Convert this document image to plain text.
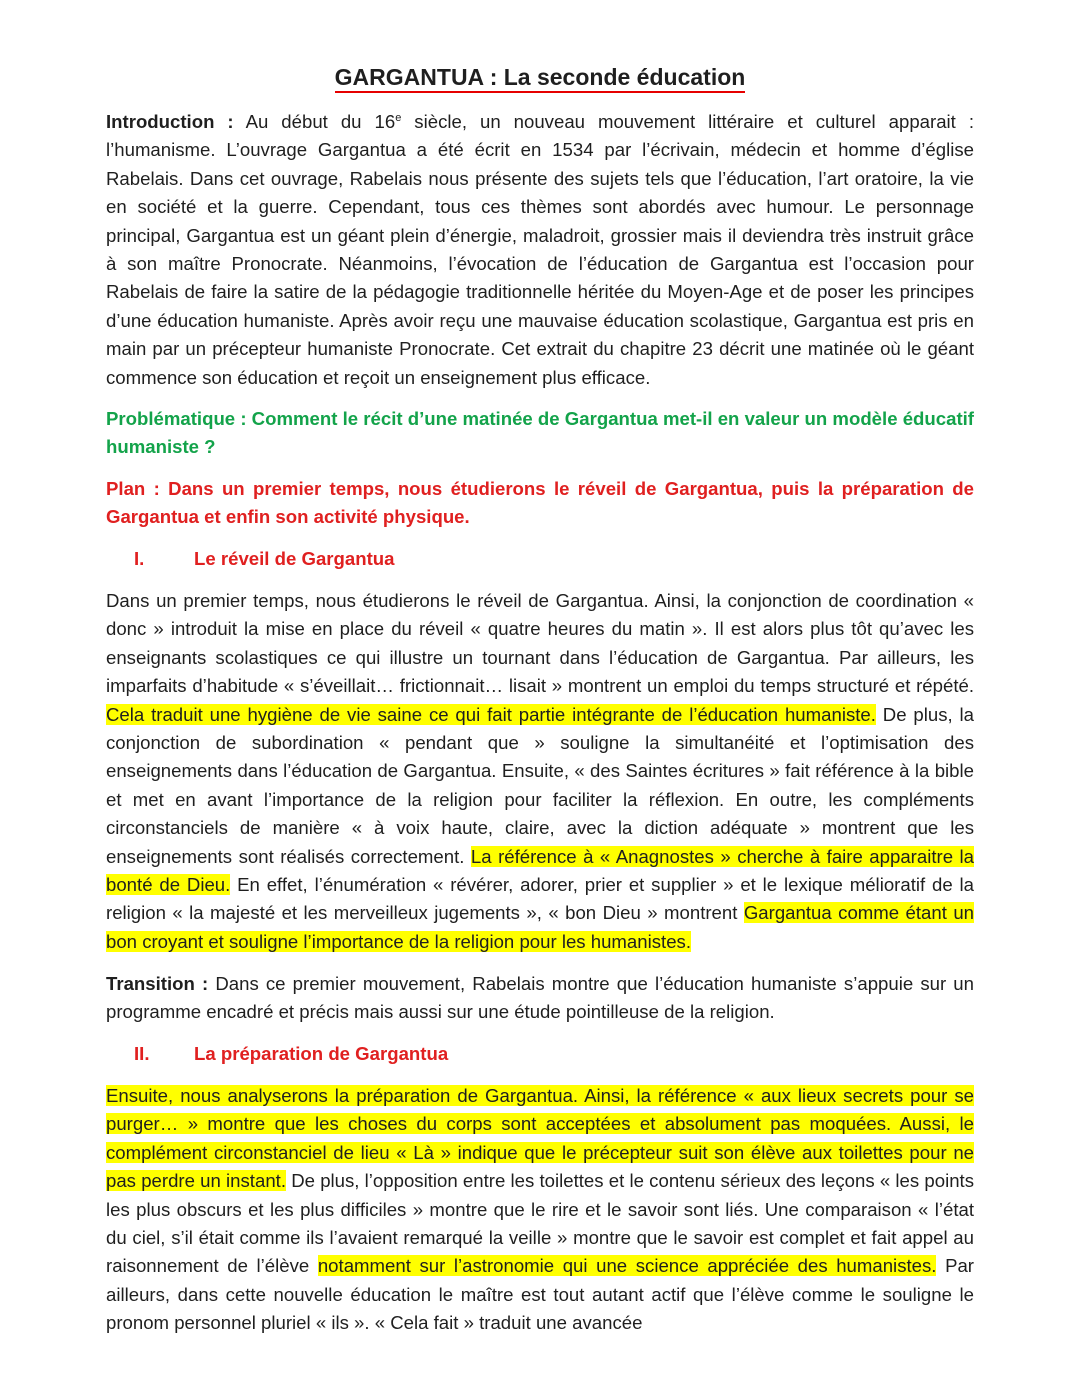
GARGANTUA : La seconde éducation

Introduction : Au début du 16e siècle, un nouveau mouvement littéraire et culturel apparait : l’humanisme. L’ouvrage Gargantua a été écrit en 1534 par l’écrivain, médecin et homme d’église Rabelais. Dans cet ouvrage, Rabelais nous présente des sujets tels que l’éducation, l’art oratoire, la vie en société et la guerre. Cependant, tous ces thèmes sont abordés avec humour. Le personnage principal, Gargantua est un géant plein d’énergie, maladroit, grossier mais il deviendra très instruit grâce à son maître Pronocrate. Néanmoins, l’évocation de l’éducation de Gargantua est l’occasion pour Rabelais de faire la satire de la pédagogie traditionnelle héritée du Moyen-Age et de poser les principes d’une éducation humaniste. Après avoir reçu une mauvaise éducation scolastique, Gargantua est pris en main par un précepteur humaniste Pronocrate. Cet extrait du chapitre 23 décrit une matinée où le géant commence son éducation et reçoit un enseignement plus efficace.

Problématique : Comment le récit d’une matinée de Gargantua met-il en valeur un modèle éducatif humaniste ?

Plan : Dans un premier temps, nous étudierons le réveil de Gargantua, puis la préparation de Gargantua et enfin son activité physique.

I.	Le réveil de Gargantua

Dans un premier temps, nous étudierons le réveil de Gargantua. Ainsi, la conjonction de coordination « donc » introduit la mise en place du réveil « quatre heures du matin ». Il est alors plus tôt qu’avec les enseignants scolastiques ce qui illustre un tournant dans l’éducation de Gargantua. Par ailleurs, les imparfaits d’habitude « s’éveillait… frictionnait… lisait » montrent un emploi du temps structuré et répété. Cela traduit une hygiène de vie saine ce qui fait partie intégrante de l’éducation humaniste. De plus, la conjonction de subordination « pendant que » souligne la simultanéité et l’optimisation des enseignements dans l’éducation de Gargantua. Ensuite, « des Saintes écritures » fait référence à la bible et met en avant l’importance de la religion pour faciliter la réflexion. En outre, les compléments circonstanciels de manière « à voix haute, claire, avec la diction adéquate » montrent que les enseignements sont réalisés correctement. La référence à « Anagnostes » cherche à faire apparaitre la bonté de Dieu. En effet, l’énumération « révérer, adorer, prier et supplier » et le lexique mélioratif de la religion « la majesté et les merveilleux jugements », « bon Dieu » montrent Gargantua comme étant un bon croyant et souligne l’importance de la religion pour les humanistes.

Transition : Dans ce premier mouvement, Rabelais montre que l’éducation humaniste s’appuie sur un programme encadré et précis mais aussi sur une étude pointilleuse de la religion.

II. La préparation de Gargantua

Ensuite, nous analyserons la préparation de Gargantua. Ainsi, la référence « aux lieux secrets pour se purger… » montre que les choses du corps sont acceptées et absolument pas moquées. Aussi, le complément circonstanciel de lieu « Là » indique que le précepteur suit son élève aux toilettes pour ne pas perdre un instant. De plus, l’opposition entre les toilettes et le contenu sérieux des leçons « les points les plus obscurs et les plus difficiles » montre que le rire et le savoir sont liés. Une comparaison « l’état du ciel, s’il était comme ils l’avaient remarqué la veille » montre que le savoir est complet et fait appel au raisonnement de l’élève notamment sur l’astronomie qui une science appréciée des humanistes. Par ailleurs, dans cette nouvelle éducation le maître est tout autant actif que l’élève comme le souligne le pronom personnel pluriel « ils ». « Cela fait » traduit une avancée
